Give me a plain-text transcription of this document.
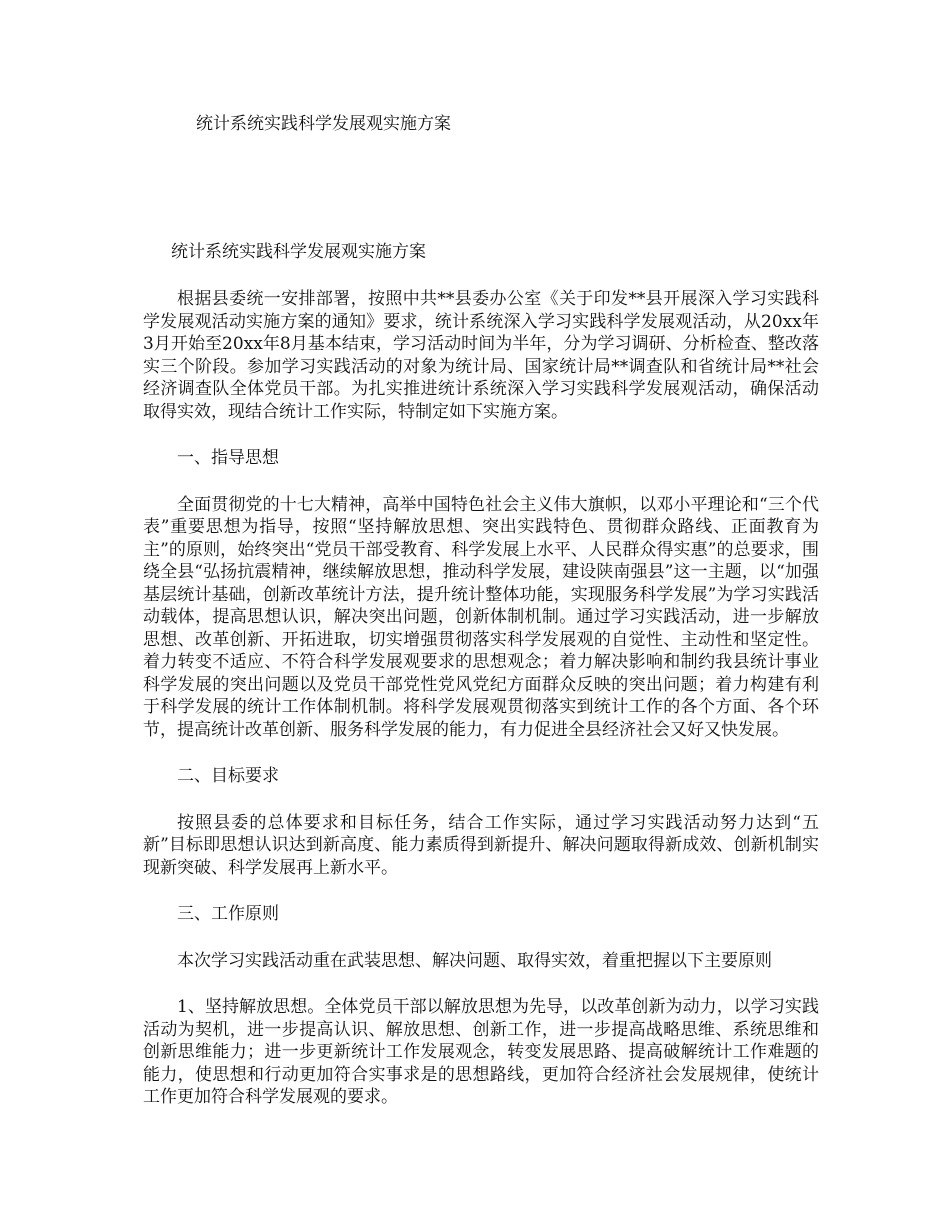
统计系统实践科学发展观实施方案
统计系统实践科学发展观实施方案

根据县委统一安排部署，按照中共**县委办公室《关于印发**县开展深入学习实践科学发展观活动实施方案的通知》要求，统计系统深入学习实践科学发展观活动，从20xx年3月开始至20xx年8月基本结束，学习活动时间为半年，分为学习调研、分析检查、整改落实三个阶段。参加学习实践活动的对象为统计局、国家统计局**调查队和省统计局**社会经济调查队全体党员干部。为扎实推进统计系统深入学习实践科学发展观活动，确保活动取得实效，现结合统计工作实际，特制定如下实施方案。

一、指导思想

全面贯彻党的十七大精神，高举中国特色社会主义伟大旗帜，以邓小平理论和“三个代表”重要思想为指导，按照“坚持解放思想、突出实践特色、贯彻群众路线、正面教育为主”的原则，始终突出“党员干部受教育、科学发展上水平、人民群众得实惠”的总要求，围绕全县“弘扬抗震精神，继续解放思想，推动科学发展，建设陕南强县”这一主题，以“加强基层统计基础，创新改革统计方法，提升统计整体功能，实现服务科学发展”为学习实践活动载体，提高思想认识，解决突出问题，创新体制机制。通过学习实践活动，进一步解放思想、改革创新、开拓进取，切实增强贯彻落实科学发展观的自觉性、主动性和坚定性。着力转变不适应、不符合科学发展观要求的思想观念；着力解决影响和制约我县统计事业科学发展的突出问题以及党员干部党性党风党纪方面群众反映的突出问题；着力构建有利于科学发展的统计工作体制机制。将科学发展观贯彻落实到统计工作的各个方面、各个环节，提高统计改革创新、服务科学发展的能力，有力促进全县经济社会又好又快发展。

二、目标要求

按照县委的总体要求和目标任务，结合工作实际，通过学习实践活动努力达到“五新”目标即思想认识达到新高度、能力素质得到新提升、解决问题取得新成效、创新机制实现新突破、科学发展再上新水平。

三、工作原则

本次学习实践活动重在武装思想、解决问题、取得实效，着重把握以下主要原则

1、坚持解放思想。全体党员干部以解放思想为先导，以改革创新为动力，以学习实践活动为契机，进一步提高认识、解放思想、创新工作，进一步提高战略思维、系统思维和创新思维能力；进一步更新统计工作发展观念，转变发展思路、提高破解统计工作难题的能力，使思想和行动更加符合实事求是的思想路线，更加符合经济社会发展规律，使统计工作更加符合科学发展观的要求。
